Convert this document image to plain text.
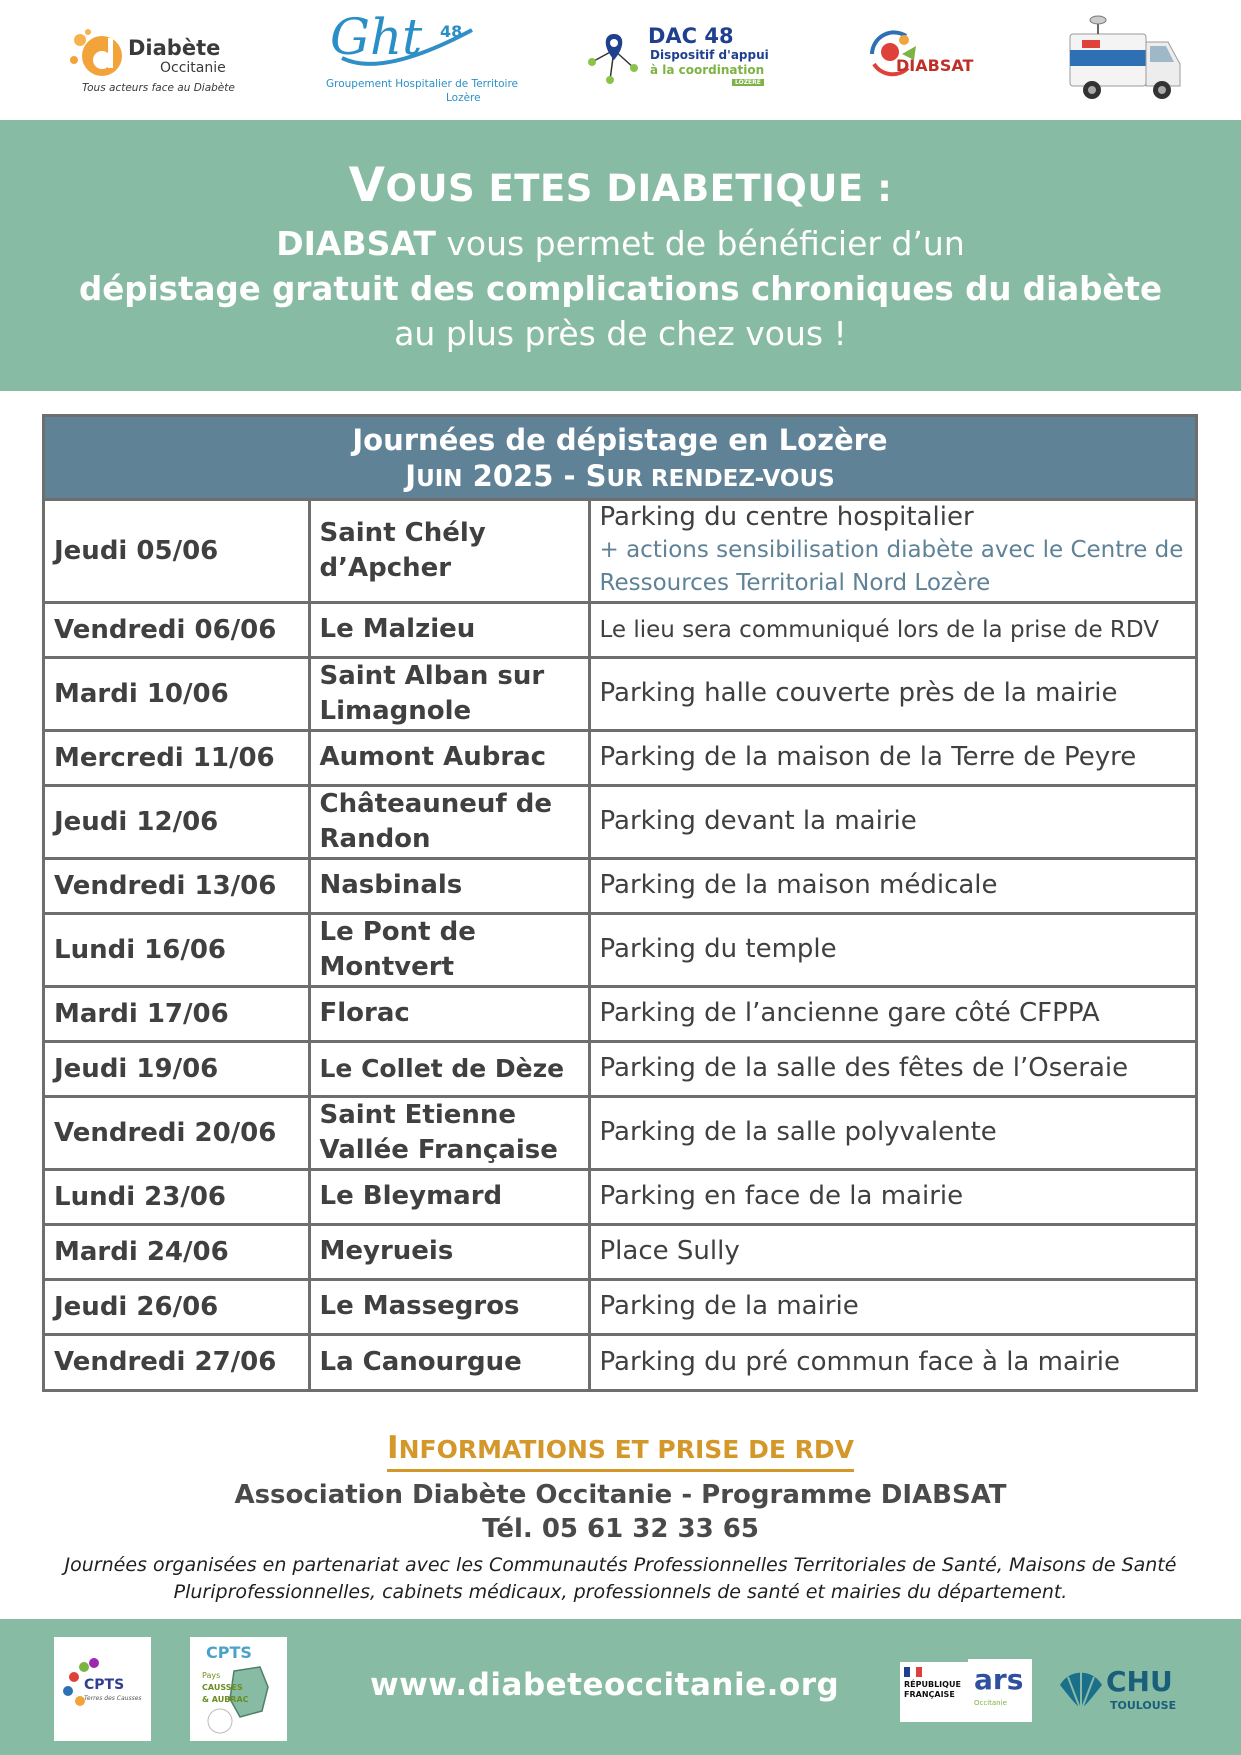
Diabète
Occitanie
Tous acteurs face au Diabète
Ght 48
Groupement Hospitalier de Territoire
Lozère
DAC 48
Dispositif d'appui
à la coordination
LOZÈRE
DIABSAT
VOUS ETES DIABETIQUE :

DIABSAT vous permet de bénéficier d’un

dépistage gratuit des complications chroniques du diabète

au plus près de chez vous !

Journées de dépistage en Lozère
JUIN 2025 - SUR RENDEZ-VOUS
Jeudi 05/06	Saint Chély d’Apcher	Parking du centre hospitalier
+ actions sensibilisation diabète avec le Centre de Ressources Territorial Nord Lozère

Vendredi 06/06	Le Malzieu	Le lieu sera communiqué lors de la prise de RDV
Mardi 10/06	Saint Alban sur Limagnole	Parking halle couverte près de la mairie
Mercredi 11/06	Aumont Aubrac	Parking de la maison de la Terre de Peyre
Jeudi 12/06	Châteauneuf de Randon	Parking devant la mairie
Vendredi 13/06	Nasbinals	Parking de la maison médicale
Lundi 16/06	Le Pont de Montvert	Parking du temple
Mardi 17/06	Florac	Parking de l’ancienne gare côté CFPPA
Jeudi 19/06	Le Collet de Dèze	Parking de la salle des fêtes de l’Oseraie
Vendredi 20/06	Saint Etienne Vallée Française	Parking de la salle polyvalente
Lundi 23/06	Le Bleymard	Parking en face de la mairie
Mardi 24/06	Meyrueis	Place Sully
Jeudi 26/06	Le Massegros	Parking de la mairie
Vendredi 27/06	La Canourgue	Parking du pré commun face à la mairie
INFORMATIONS ET PRISE DE RDV
Association Diabète Occitanie - Programme DIABSAT
Tél. 05 61 32 33 65

Journées organisées en partenariat avec les Communautés Professionnelles Territoriales de Santé, Maisons de Santé Pluriprofessionnelles, cabinets médicaux, professionnels de santé et mairies du département.

CPTS
Terres des Causses
CPTS
Pays
CAUSSES
& AUBRAC	www.diabeteoccitanie.org	RÉPUBLIQUE
FRANÇAISE ars
Occitanie
CHU
TOULOUSE
